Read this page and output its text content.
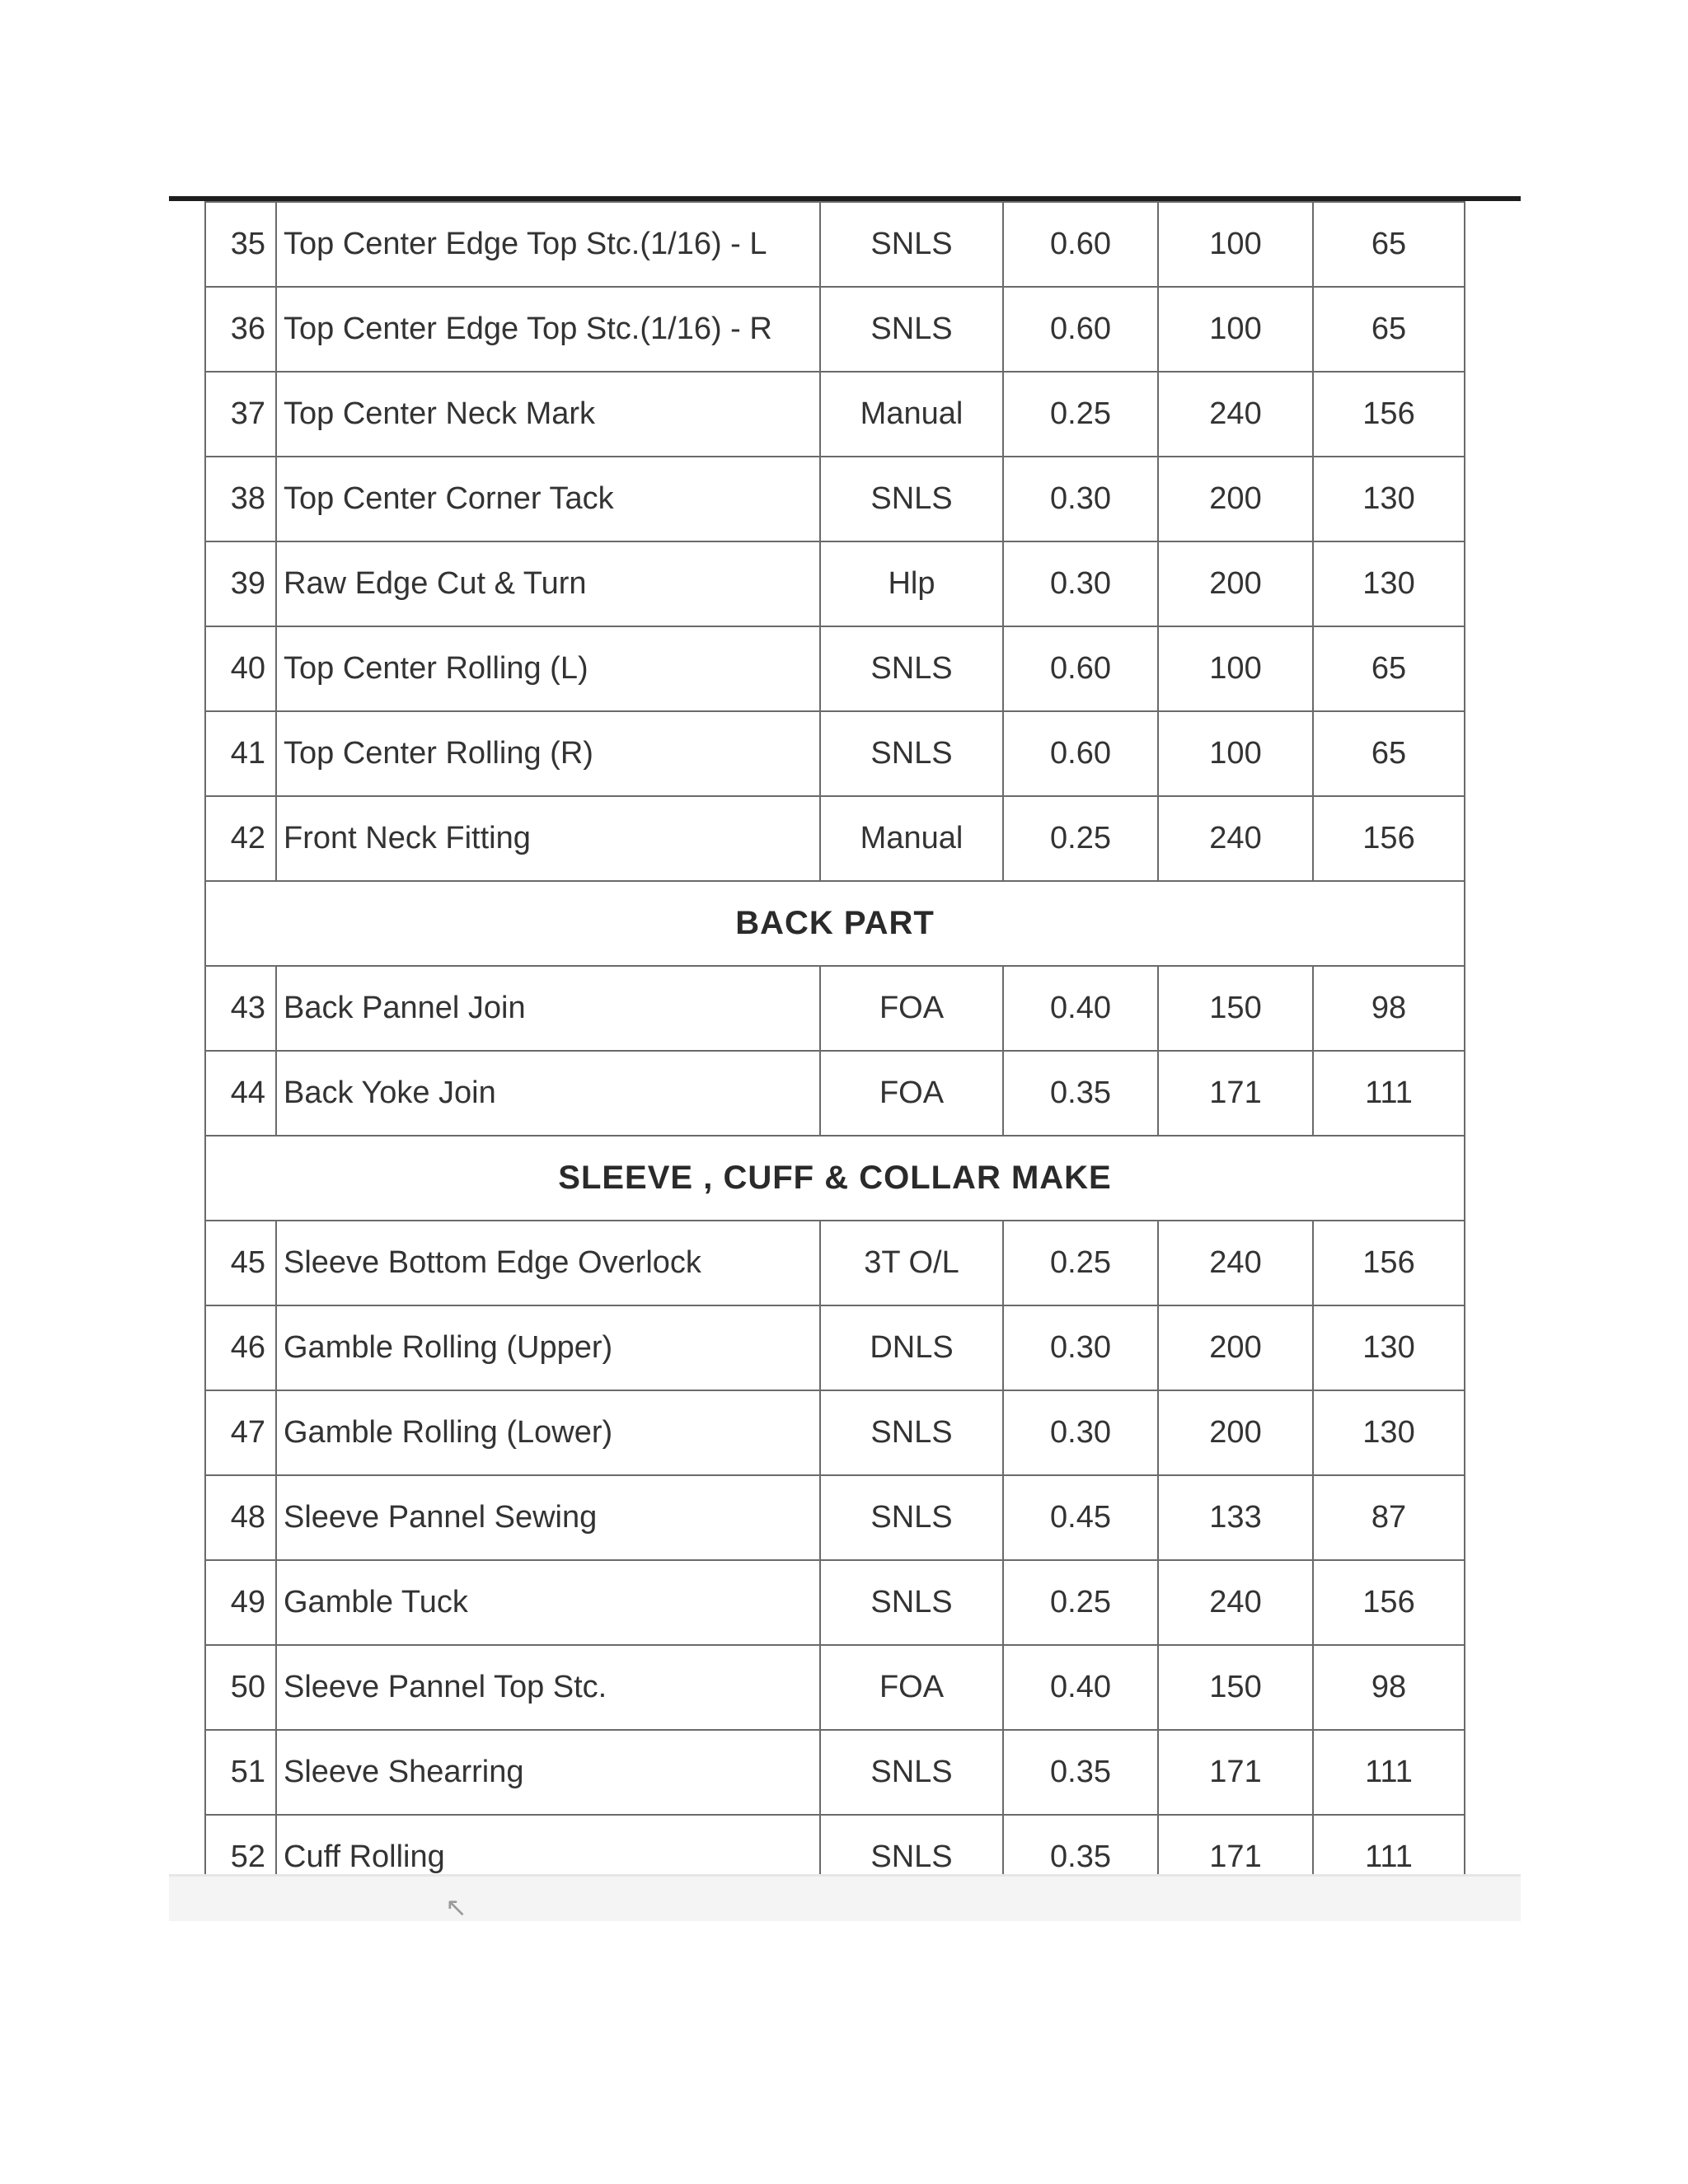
35	Top Center Edge Top Stc.(1/16) - L	SNLS	0.60	100	65
36	Top Center Edge Top Stc.(1/16) - R	SNLS	0.60	100	65
37	Top Center Neck Mark	Manual	0.25	240	156
38	Top Center Corner Tack	SNLS	0.30	200	130
39	Raw Edge Cut & Turn	Hlp	0.30	200	130
40	Top Center Rolling (L)	SNLS	0.60	100	65
41	Top Center Rolling (R)	SNLS	0.60	100	65
42	Front Neck Fitting	Manual	0.25	240	156
BACK PART					
43	Back Pannel Join	FOA	0.40	150	98
44	Back Yoke Join	FOA	0.35	171	111
SLEEVE , CUFF & COLLAR MAKE					
45	Sleeve Bottom Edge Overlock	3T O/L	0.25	240	156
46	Gamble Rolling (Upper)	DNLS	0.30	200	130
47	Gamble Rolling (Lower)	SNLS	0.30	200	130
48	Sleeve Pannel Sewing	SNLS	0.45	133	87
49	Gamble Tuck	SNLS	0.25	240	156
50	Sleeve Pannel Top Stc.	FOA	0.40	150	98
51	Sleeve Shearring	SNLS	0.35	171	111
52	Cuff Rolling	SNLS	0.35	171	111
↖
